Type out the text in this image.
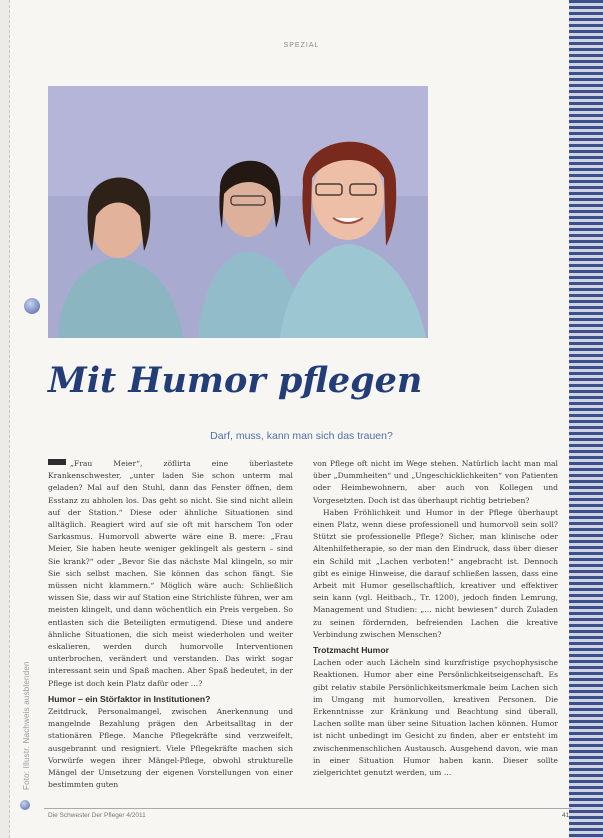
Foto: Illustr. Nachweis ausblenden
SPEZIAL
Mit Humor pflegen
Darf, muss, kann man sich das trauen?

„Frau Meier“, zöflirta eine überlastete Krankenschwester, „unter laden Sie schon unterm mal geladen? Mal auf den Stuhl, dann das Fenster öffnen, dem Esstanz zu abholen los. Das geht so nicht. Sie sind nicht allein auf der Station.“ Diese oder ähnliche Situationen sind alltäglich. Reagiert wird auf sie oft mit harschem Ton oder Sarkasmus. Humorvoll abwerte wäre eine B. mere: „Frau Meier, Sie haben heute weniger geklingelt als gestern – sind Sie krank?“ oder „Bevor Sie das nächste Mal klingeln, so mir Sie sich selbst machen. Sie können das schon fängt. Sie müssen nicht klammern.“ Möglich wäre auch: Schließlich wissen Sie, dass wir auf Station eine Strichliste führen, wer am meisten klingelt, und dann wöchentlich ein Preis vergeben. So entlasten sich die Beteiligten ermutigend. Diese und andere ähnliche Situationen, die sich meist wiederholen und weiter eskalieren, werden durch humorvolle Interventionen unterbrochen, verändert und verstanden. Das wirkt sogar interessant sein und Spaß machen. Aber Spaß bedeutet, in der Pflege ist doch kein Platz dafür oder …?

Humor – ein Störfaktor in Institutionen?

Zeitdruck, Personalmangel, zwischen Anerkennung und mangelnde Bezahlung prägen den Arbeitsalltag in der stationären Pflege. Manche Pflegekräfte sind verzweifelt, ausgebrannt und resigniert. Viele Pflegekräfte machen sich Vorwürfe wegen ihrer Mängel-Pflege, obwohl strukturelle Mängel der Umsetzung der eigenen Vorstellungen von einer bestimmten guten

von Pflege oft nicht im Wege stehen. Natürlich lacht man mal über „Dummheiten“ und „Ungeschicklichkeiten“ von Patienten oder Heimbewohnern, aber auch von Kollegen und Vorgesetzten. Doch ist das überhaupt richtig betrieben?

Haben Fröhlichkeit und Humor in der Pflege überhaupt einen Platz, wenn diese professionell und humorvoll sein soll? Stützt sie professionelle Pflege? Sicher, man klinische oder Altenhilfetherapie, so der man den Eindruck, dass über dieser ein Schild mit „Lachen verboten!“ angebracht ist. Dennoch gibt es einige Hinweise, die darauf schließen lassen, dass eine Arbeit mit Humor gesellschaftlich, kreativer und effektiver sein kann (vgl. Heitbach., Tr. 1200), jedoch finden Lemrung, Management und Studien: „… nicht bewiesen“ durch Zuladen zu seinen fördernden, befreienden Lachen die kreative Verbindung zwischen Menschen?

Trotzmacht Humor

Lachen oder auch Lächeln sind kurzfristige psychophysische Reaktionen. Humor aber eine Persönlichkeitseigenschaft. Es gibt relativ stabile Persönlichkeitsmerkmale beim Lachen sich im Umgang mit humorvollen, kreativen Personen. Die Erkenntnisse zur Kränkung und Beachtung sind überall, Lachen sollte man über seine Situation lachen können. Humor ist nicht unbedingt im Gesicht zu finden, aber er entsteht im zwischenmenschlichen Austausch. Ausgehend davon, wie man in einer Situation Humor haben kann. Dieser sollte zielgerichtet genutzt werden, um …

Die Schwester Der Pfleger 4/2011	41
